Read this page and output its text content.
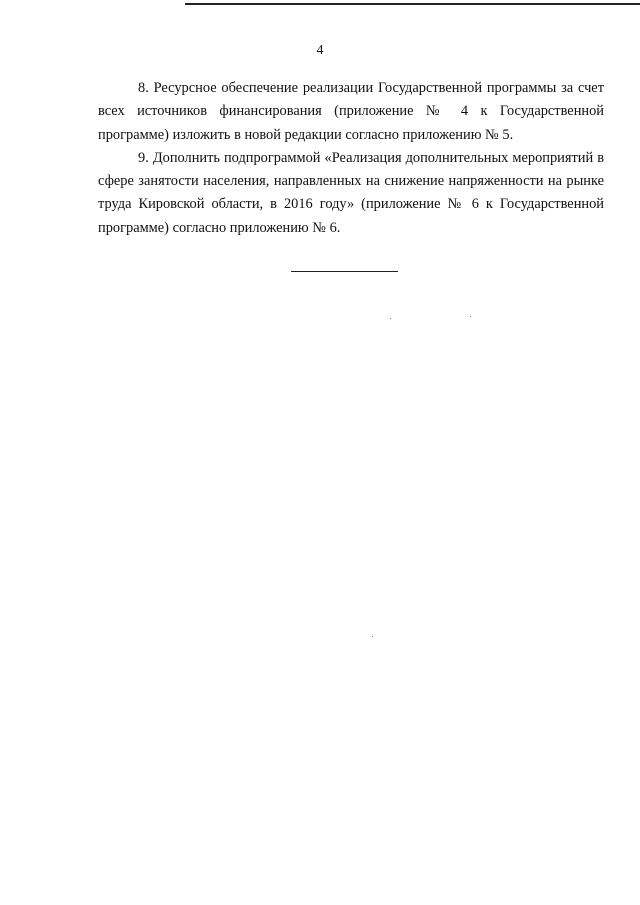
4

8. Ресурсное обеспечение реализации Государственной программы за счет всех источников финансирования (приложение № 4 к Государственной программе) изложить в новой редакции согласно приложению № 5.

9. Дополнить подпрограммой «Реализация дополнительных мероприятий в сфере занятости населения, направленных на снижение напряженности на рынке труда Кировской области, в 2016 году» (приложение № 6 к Государственной программе) согласно приложению № 6.
